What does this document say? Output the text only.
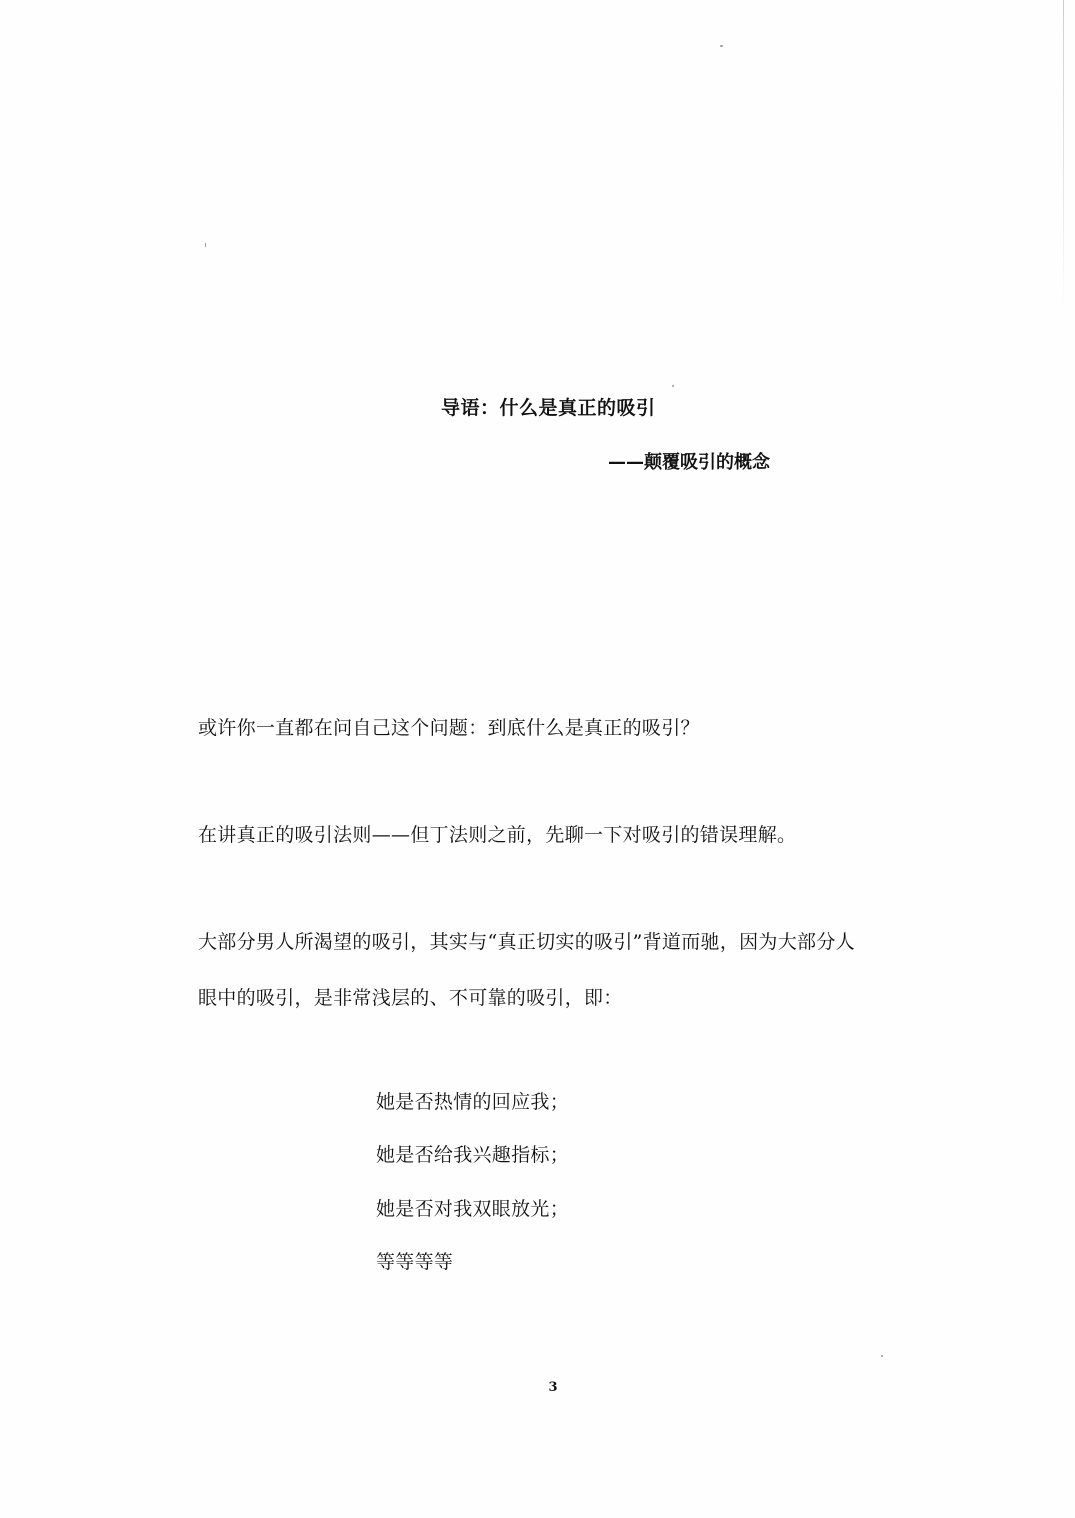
导语：什么是真正的吸引
——颠覆吸引的概念
或许你一直都在问自己这个问题：到底什么是真正的吸引？
在讲真正的吸引法则——但丁法则之前，先聊一下对吸引的错误理解。
大部分男人所渴望的吸引，其实与“真正切实的吸引”背道而驰，因为大部分人
眼中的吸引，是非常浅层的、不可靠的吸引，即：
她是否热情的回应我；
她是否给我兴趣指标；
她是否对我双眼放光；
等等等等
3
